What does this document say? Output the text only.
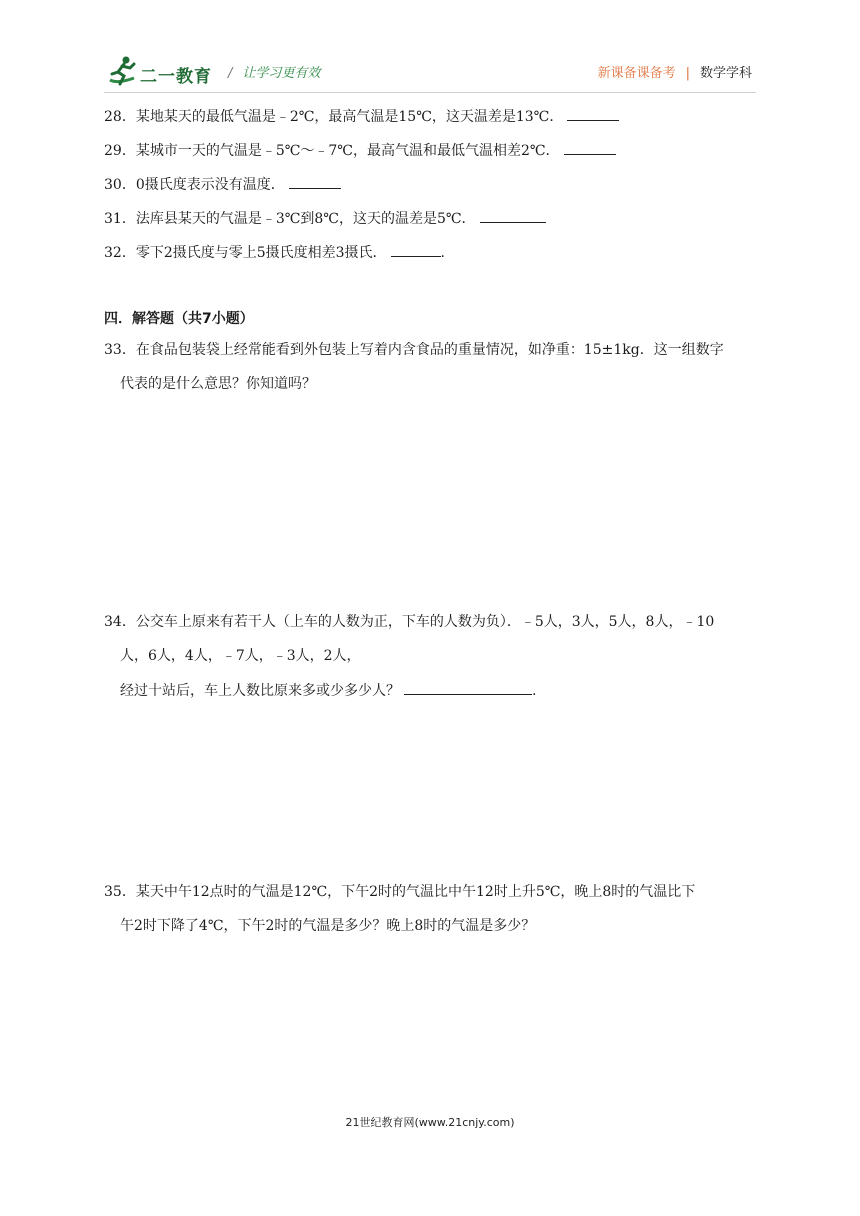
二一教育 / 让学习更有效	新课备课备考 | 数学学科
28．某地某天的最低气温是﹣2℃，最高气温是15℃，这天温差是13℃．
29．某城市一天的气温是﹣5℃～﹣7℃，最高气温和最低气温相差2℃．
30．0摄氏度表示没有温度．
31．法库县某天的气温是﹣3℃到8℃，这天的温差是5℃．
32．零下2摄氏度与零上5摄氏度相差3摄氏．	.
四．解答题（共7小题）
33．在食品包装袋上经常能看到外包装上写着内含食品的重量情况，如净重：15±1kg．这一组数字
代表的是什么意思？你知道吗？
34．公交车上原来有若干人（上车的人数为正，下车的人数为负）．﹣5人，3人，5人，8人，﹣10
人，6人，4人，﹣7人，﹣3人，2人，
经过十站后，车上人数比原来多或少多少人？	.
35．某天中午12点时的气温是12℃，下午2时的气温比中午12时上升5℃，晚上8时的气温比下
午2时下降了4℃，下午2时的气温是多少？晚上8时的气温是多少？
21世纪教育网(www.21cnjy.com)
